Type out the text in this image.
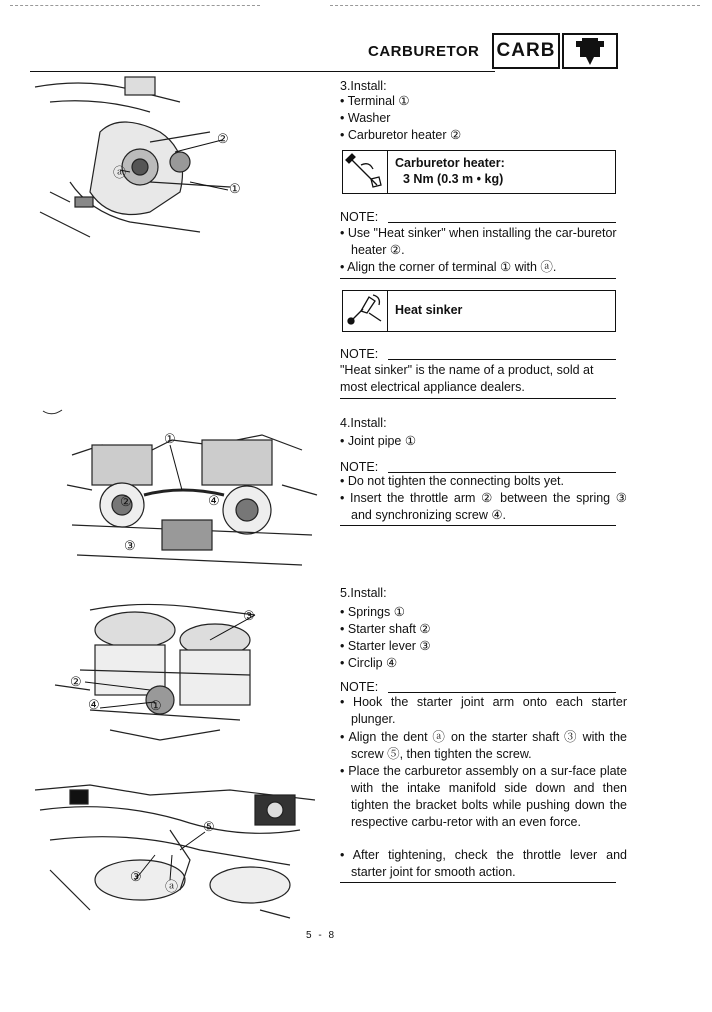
CARBURETOR CARB
②
①
ⓐ
3.Install:
• Terminal ①
• Washer
• Carburetor heater ②
Carburetor heater:
3 Nm (0.3 m • kg)
NOTE:
• Use "Heat sinker" when installing the car-buretor heater ②.
• Align the corner of terminal ① with ⓐ.
Heat sinker
NOTE:
"Heat sinker" is the name of a product, sold at most electrical appliance dealers.
①
②
③
④
4.Install:
• Joint pipe ①
NOTE:
• Do not tighten the connecting bolts yet.
• Insert the throttle arm ② between the spring ③ and synchronizing screw ④.
③
②
④	①
5.Install:
• Springs ①
• Starter shaft ②
• Starter lever ③
• Circlip ④
NOTE:
• Hook the starter joint arm onto each starter plunger.
• Align the dent ⓐ on the starter shaft ③ with the screw ⑤, then tighten the screw.
• Place the carburetor assembly on a sur-face plate with the intake manifold side down and then tighten the bracket bolts while pushing down the respective carbu-retor with an even force.
• After tightening, check the throttle lever and starter joint for smooth action.
⑤
③
ⓐ
5 - 8
